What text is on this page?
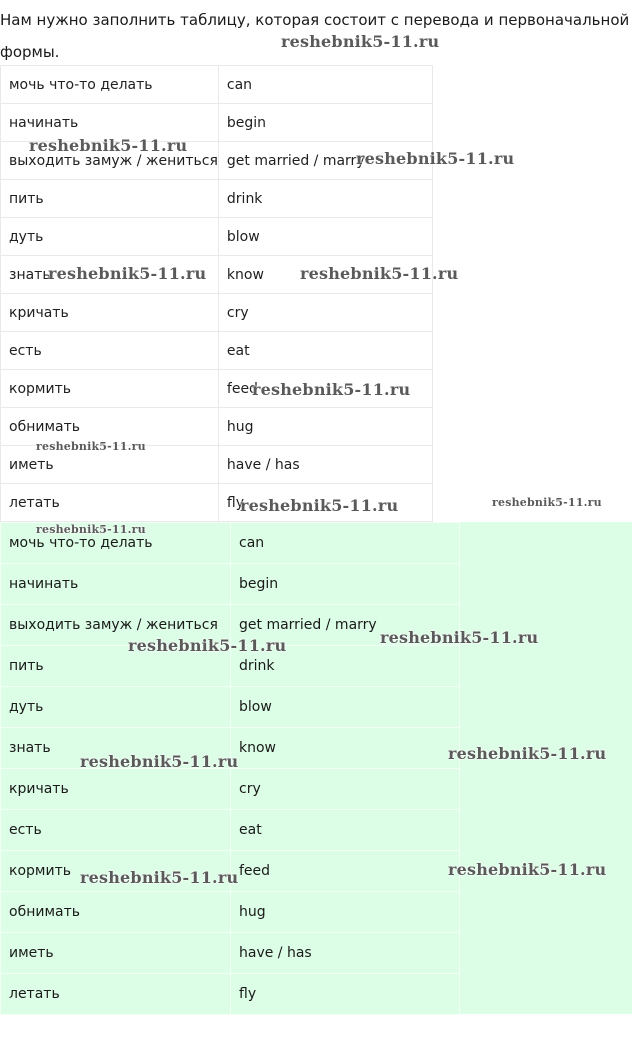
Нам нужно заполнить таблицу, которая состоит с перевода и первоначальной формы.

мочь что-то делать	can
начинать	begin
выходить замуж / жениться	get married / marry
пить	drink
дуть	blow
знать	know
кричать	cry
есть	eat
кормить	feed
обнимать	hug
иметь	have / has
летать	fly
мочь что-то делать	can
начинать	begin
выходить замуж / жениться	get married / marry
пить	drink
дуть	blow
знать	know
кричать	cry
есть	eat
кормить	feed
обнимать	hug
иметь	have / has
летать	fly
reshebnik5-11.ru
reshebnik5-11.ru
reshebnik5-11.ru
reshebnik5-11.ru	reshebnik5-11.ru
reshebnik5-11.ru
reshebnik5-11.ru
reshebnik5-11.ru	reshebnik5-11.ru
reshebnik5-11.ru
reshebnik5-11.ru
reshebnik5-11.ru
reshebnik5-11.ru
reshebnik5-11.ru
reshebnik5-11.ru
reshebnik5-11.ru
